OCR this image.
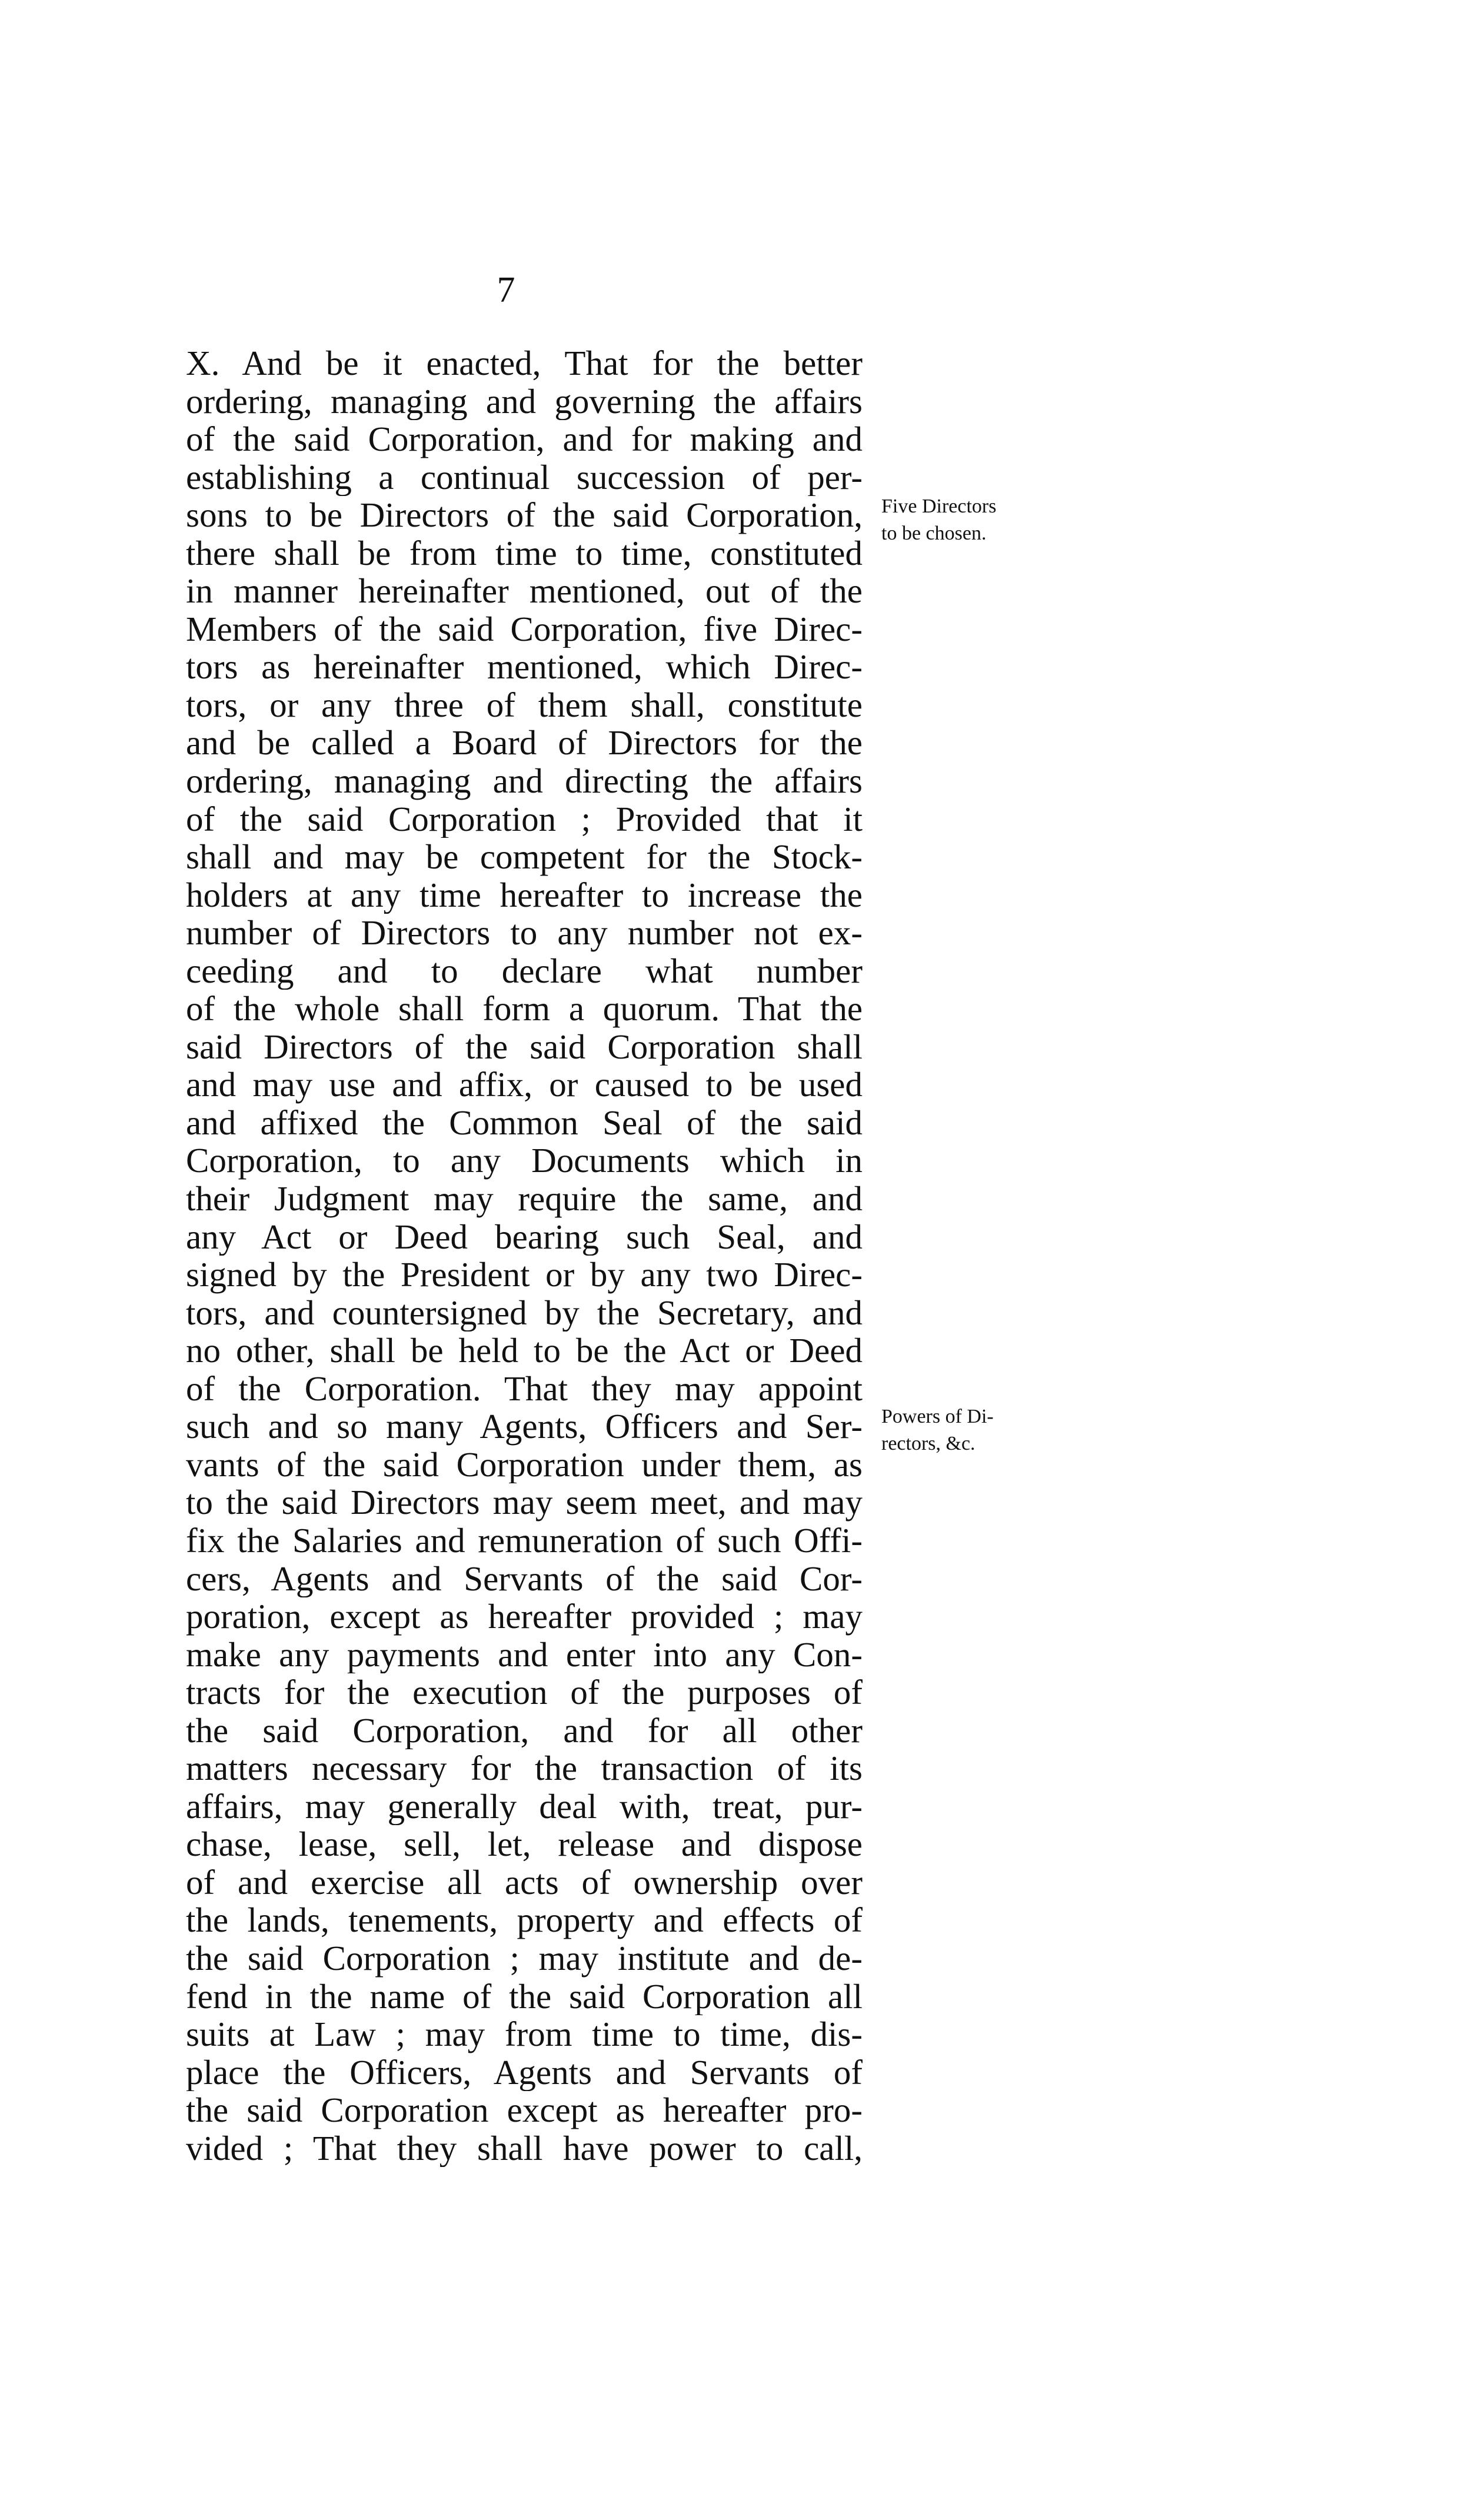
7
X. And be it enacted, That for the better
ordering, managing and governing the affairs
of the said Corporation, and for making and
establishing a continual succession of per-
sons to be Directors of the said Corporation,
there shall be from time to time, constituted
in manner hereinafter mentioned, out of the
Members of the said Corporation, five Direc-
tors as hereinafter mentioned, which Direc-
tors, or any three of them shall, constitute
and be called a Board of Directors for the
ordering, managing and directing the affairs
of the said Corporation ; Provided that it
shall and may be competent for the Stock-
holders at any time hereafter to increase the
number of Directors to any number not ex-
ceeding and to declare what number
of the whole shall form a quorum. That the
said Directors of the said Corporation shall
and may use and affix, or caused to be used
and affixed the Common Seal of the said
Corporation, to any Documents which in
their Judgment may require the same, and
any Act or Deed bearing such Seal, and
signed by the President or by any two Direc-
tors, and countersigned by the Secretary, and
no other, shall be held to be the Act or Deed
of the Corporation. That they may appoint
such and so many Agents, Officers and Ser-
vants of the said Corporation under them, as
to the said Directors may seem meet, and may
fix the Salaries and remuneration of such Offi-
cers, Agents and Servants of the said Cor-
poration, except as hereafter provided ; may
make any payments and enter into any Con-
tracts for the execution of the purposes of
the said Corporation, and for all other
matters necessary for the transaction of its
affairs, may generally deal with, treat, pur-
chase, lease, sell, let, release and dispose
of and exercise all acts of ownership over
the lands, tenements, property and effects of
the said Corporation ; may institute and de-
fend in the name of the said Corporation all
suits at Law ; may from time to time, dis-
place the Officers, Agents and Servants of
the said Corporation except as hereafter pro-
vided ; That they shall have power to call,
Five Directors
to be chosen.
Powers of Di-
rectors, &c.
